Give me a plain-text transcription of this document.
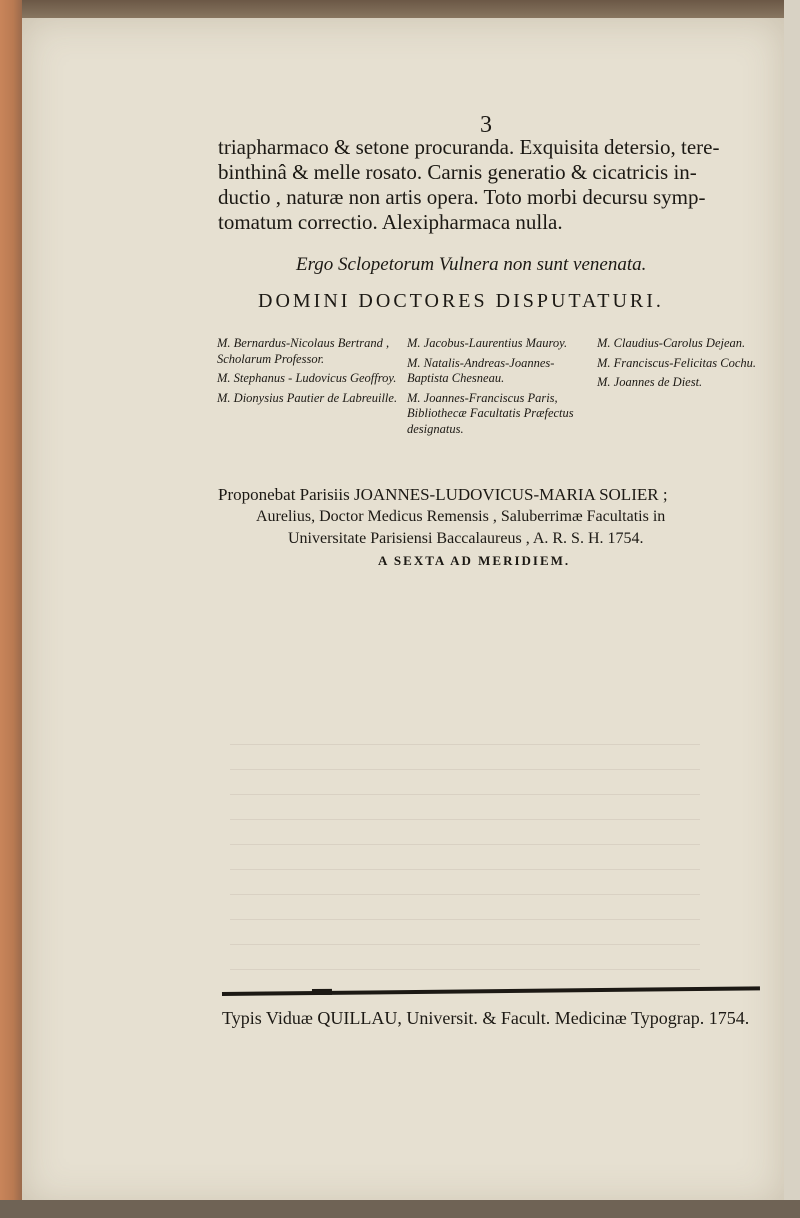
3

triapharmaco & setone procuranda. Exquisita detersio, tere-

binthinâ & melle rosato. Carnis generatio & cicatricis in-

ductio , naturæ non artis opera. Toto morbi decursu symp-

tomatum correctio. Alexipharmaca nulla.

Ergo Sclopetorum Vulnera non sunt venenata.
DOMINI DOCTORES DISPUTATURI.

M. Bernardus-Nicolaus Bertrand , Scholarum Professor.

M. Stephanus - Ludovicus Geoffroy.

M. Dionysius Pautier de Labreuille.

M. Jacobus-Laurentius Mauroy.

M. Natalis-Andreas-Joannes-Baptista Chesneau.

M. Joannes-Franciscus Paris, Bibliothecæ Facultatis Præfectus designatus.

M. Claudius-Carolus Dejean.

M. Franciscus-Felicitas Cochu.

M. Joannes de Diest.

Proponebat Parisiis JOANNES-LUDOVICUS-MARIA SOLIER ;

Aurelius, Doctor Medicus Remensis , Saluberrimæ Facultatis in

Universitate Parisiensi Baccalaureus , A. R. S. H. 1754.

A SEXTA AD MERIDIEM.

Typis Viduæ QUILLAU, Universit. & Facult. Medicinæ Typograp. 1754.
